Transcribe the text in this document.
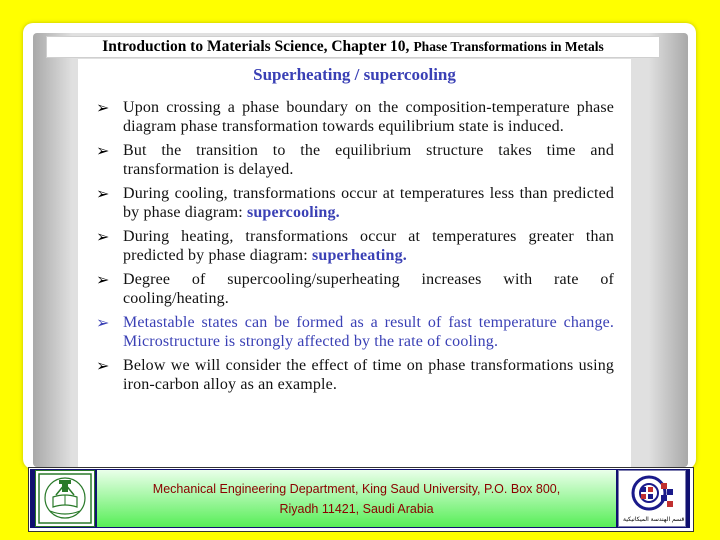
Introduction to Materials Science, Chapter 10, Phase Transformations in Metals
Superheating / supercooling
➢ Upon crossing a phase boundary on the composition-temperature phase diagram phase transformation towards equilibrium state is induced.
➢ But the transition to the equilibrium structure takes time and transformation is delayed.
➢ During cooling, transformations occur at temperatures less than predicted by phase diagram: supercooling.
➢ During heating, transformations occur at temperatures greater than predicted by phase diagram: superheating.
➢ Degree of supercooling/superheating increases with rate of cooling/heating.
➢ Metastable states can be formed as a result of fast temperature change. Microstructure is strongly affected by the rate of cooling.
➢ Below we will consider the effect of time on phase transformations using iron-carbon alloy as an example.
Mechanical Engineering Department, King Saud University, P.O. Box 800,
Riyadh 11421, Saudi Arabia
قسم الهندسة الميكانيكية
